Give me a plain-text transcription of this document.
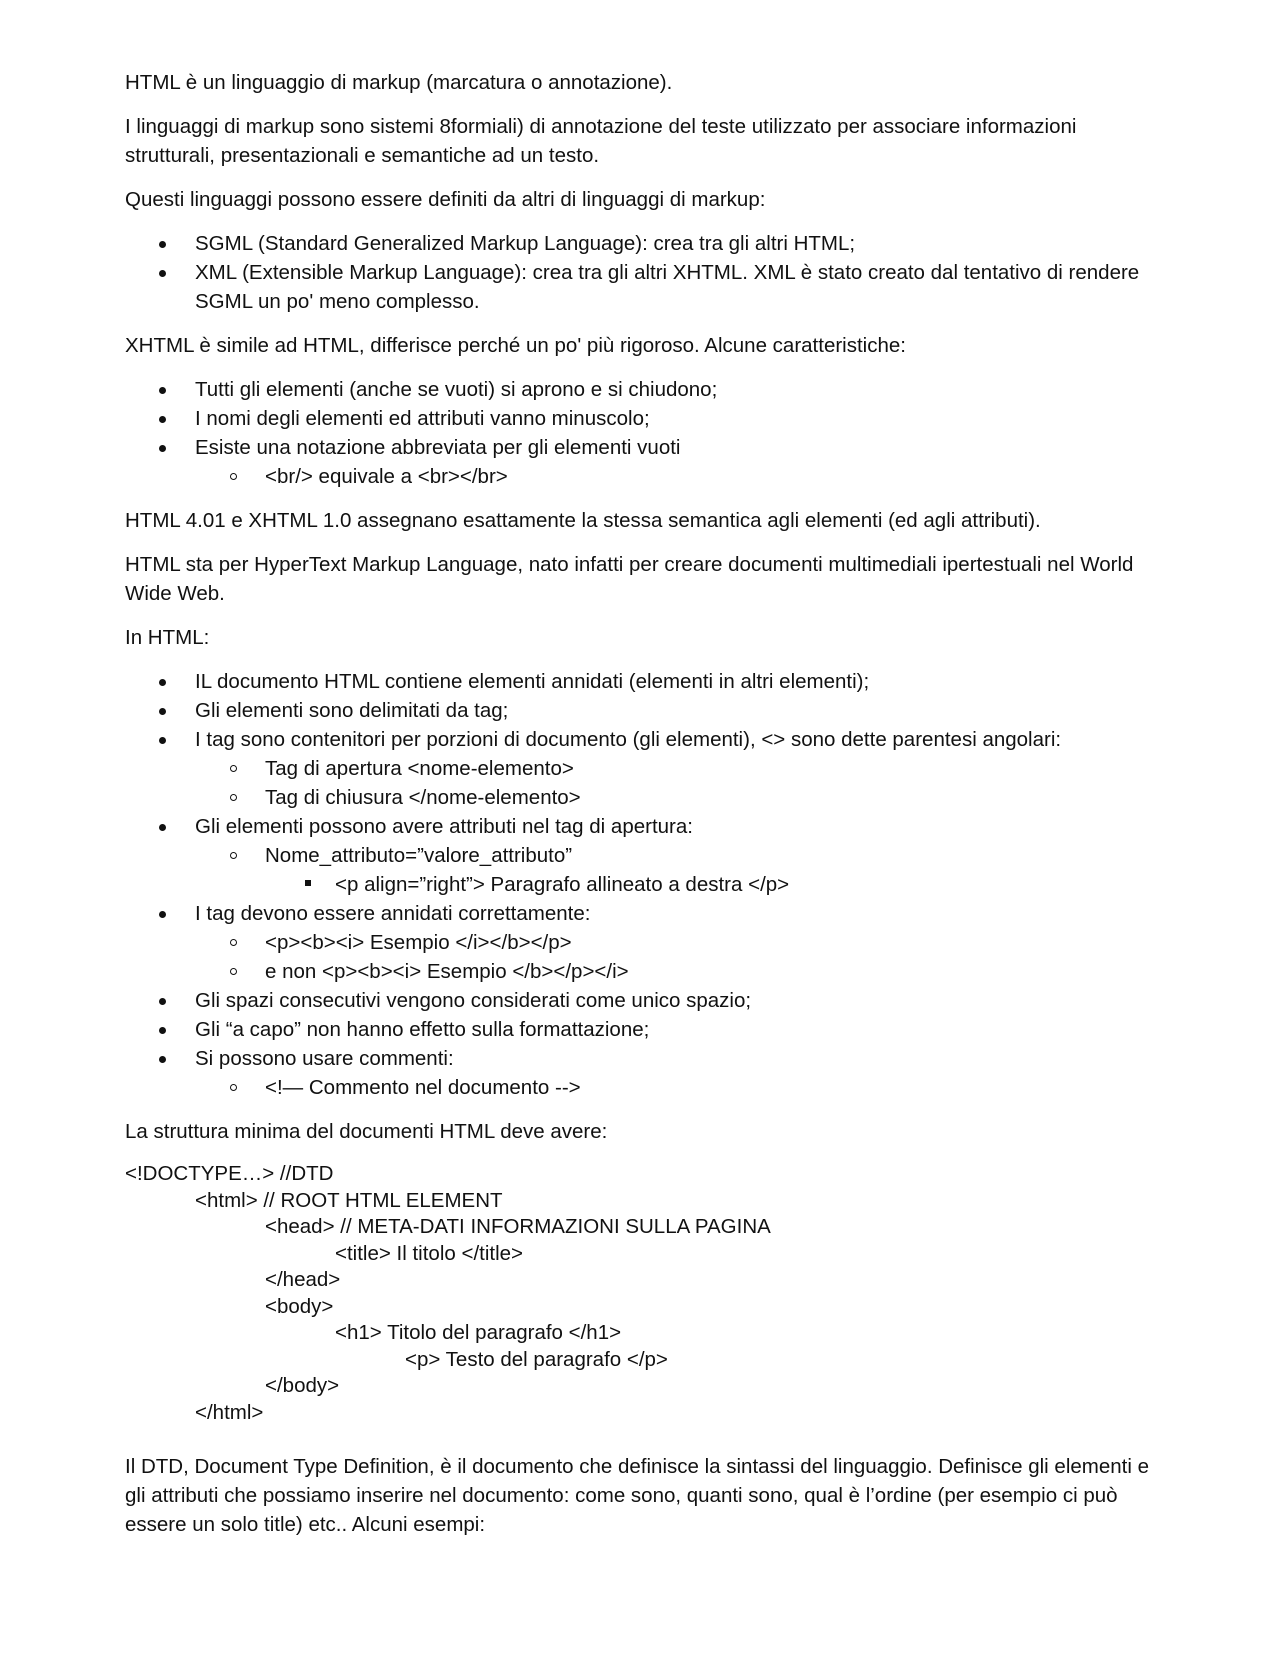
HTML è un linguaggio di markup (marcatura o annotazione).

I linguaggi di markup sono sistemi 8formiali) di annotazione del teste utilizzato per associare informazioni strutturali, presentazionali e semantiche ad un testo.

Questi linguaggi possono essere definiti da altri di linguaggi di markup:

SGML (Standard Generalized Markup Language): crea tra gli altri HTML;
XML (Extensible Markup Language): crea tra gli altri XHTML. XML è stato creato dal tentativo di rendere SGML un po' meno complesso.

XHTML è simile ad HTML, differisce perché un po' più rigoroso. Alcune caratteristiche:

Tutti gli elementi (anche se vuoti) si aprono e si chiudono;
I nomi degli elementi ed attributi vanno minuscolo;
Esiste una notazione abbreviata per gli elementi vuoti
<br/> equivale a <br></br>

HTML 4.01 e XHTML 1.0 assegnano esattamente la stessa semantica agli elementi (ed agli attributi).

HTML sta per HyperText Markup Language, nato infatti per creare documenti multimediali ipertestuali nel World Wide Web.

In HTML:

IL documento HTML contiene elementi annidati (elementi in altri elementi);
Gli elementi sono delimitati da tag;
I tag sono contenitori per porzioni di documento (gli elementi), <> sono dette parentesi angolari:
Tag di apertura <nome-elemento>
Tag di chiusura </nome-elemento>
Gli elementi possono avere attributi nel tag di apertura:
Nome_attributo=”valore_attributo”
<p align=”right”> Paragrafo allineato a destra </p>
I tag devono essere annidati correttamente:
<p><b><i> Esempio </i></b></p>
e non <p><b><i> Esempio </b></p></i>
Gli spazi consecutivi vengono considerati come unico spazio;
Gli “a capo” non hanno effetto sulla formattazione;
Si possono usare commenti:
<!— Commento nel documento -->

La struttura minima del documenti HTML deve avere:

<!DOCTYPE…> //DTD
<html> // ROOT HTML ELEMENT
<head> // META-DATI INFORMAZIONI SULLA PAGINA
<title> Il titolo </title>
</head>
<body>
<h1> Titolo del paragrafo </h1>
<p> Testo del paragrafo </p>
</body>
</html>

Il DTD, Document Type Definition, è il documento che definisce la sintassi del linguaggio. Definisce gli elementi e gli attributi che possiamo inserire nel documento: come sono, quanti sono, qual è l’ordine (per esempio ci può essere un solo title) etc.. Alcuni esempi:
